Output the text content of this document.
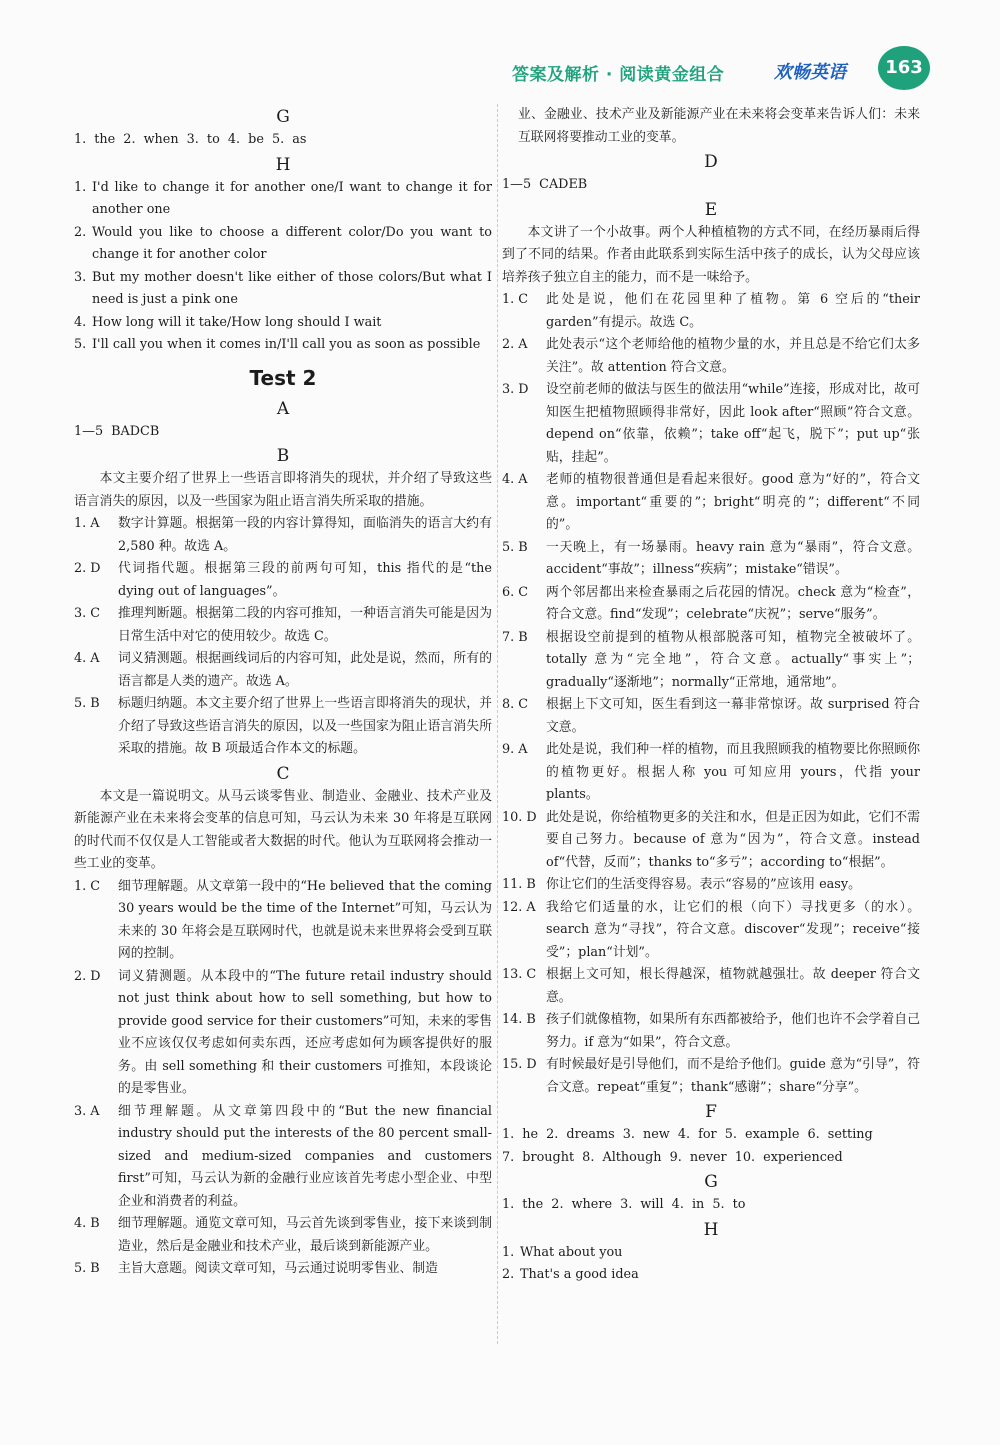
答案及解析 · 阅读黄金组合	欢畅英语	163
G
1. the 2. when 3. to 4. be 5. as
H
1. I'd like to change it for another one/I want to change it for another one
2. Would you like to choose a different color/Do you want to change it for another color
3. But my mother doesn't like either of those colors/But what I need is just a pink one
4. How long will it take/How long should I wait
5. I'll call you when it comes in/I'll call you as soon as possible
Test 2
A
1—5 BADCB
B
本文主要介绍了世界上一些语言即将消失的现状，并介绍了导致这些语言消失的原因，以及一些国家为阻止语言消失所采取的措施。
1. A	数字计算题。根据第一段的内容计算得知，面临消失的语言大约有 2,580 种。故选 A。
2. D	代词指代题。根据第三段的前两句可知，this 指代的是“the dying out of languages”。
3. C	推理判断题。根据第二段的内容可推知，一种语言消失可能是因为日常生活中对它的使用较少。故选 C。
4. A	词义猜测题。根据画线词后的内容可知，此处是说，然而，所有的语言都是人类的遗产。故选 A。
5. B	标题归纳题。本文主要介绍了世界上一些语言即将消失的现状，并介绍了导致这些语言消失的原因，以及一些国家为阻止语言消失所采取的措施。故 B 项最适合作本文的标题。
C
本文是一篇说明文。从马云谈零售业、制造业、金融业、技术产业及新能源产业在未来将会变革的信息可知，马云认为未来 30 年将是互联网的时代而不仅仅是人工智能或者大数据的时代。他认为互联网将会推动一些工业的变革。
1. C	细节理解题。从文章第一段中的“He believed that the coming 30 years would be the time of the Internet”可知，马云认为未来的 30 年将会是互联网时代，也就是说未来世界将会受到互联网的控制。
2. D	词义猜测题。从本段中的“The future retail industry should not just think about how to sell something, but how to provide good service for their customers”可知，未来的零售业不应该仅仅考虑如何卖东西，还应考虑如何为顾客提供好的服务。由 sell something 和 their customers 可推知，本段谈论的是零售业。
3. A	细节理解题。从文章第四段中的“But the new financial industry should put the interests of the 80 percent small-sized and medium-sized companies and customers first”可知，马云认为新的金融行业应该首先考虑小型企业、中型企业和消费者的利益。
4. B	细节理解题。通览文章可知，马云首先谈到零售业，接下来谈到制造业，然后是金融业和技术产业，最后谈到新能源产业。
5. B	主旨大意题。阅读文章可知，马云通过说明零售业、制造
业、金融业、技术产业及新能源产业在未来将会变革来告诉人们：未来互联网将要推动工业的变革。
D
1—5 CADEB
E
本文讲了一个小故事。两个人种植植物的方式不同，在经历暴雨后得到了不同的结果。作者由此联系到实际生活中孩子的成长，认为父母应该培养孩子独立自主的能力，而不是一味给予。
1. C	此处是说，他们在花园里种了植物。第 6 空后的“their garden”有提示。故选 C。
2. A	此处表示“这个老师给他的植物少量的水，并且总是不给它们太多关注”。故 attention 符合文意。
3. D	设空前老师的做法与医生的做法用“while”连接，形成对比，故可知医生把植物照顾得非常好，因此 look after“照顾”符合文意。depend on“依靠，依赖”；take off“起飞，脱下”；put up“张贴，挂起”。
4. A	老师的植物很普通但是看起来很好。good 意为“好的”，符合文意。important“重要的”；bright“明亮的”；different“不同的”。
5. B	一天晚上，有一场暴雨。heavy rain 意为“暴雨”，符合文意。accident“事故”；illness“疾病”；mistake“错误”。
6. C	两个邻居都出来检查暴雨之后花园的情况。check 意为“检查”，符合文意。find“发现”；celebrate“庆祝”；serve“服务”。
7. B	根据设空前提到的植物从根部脱落可知，植物完全被破坏了。totally 意为“完全地”，符合文意。actually“事实上”；gradually“逐渐地”；normally“正常地，通常地”。
8. C	根据上下文可知，医生看到这一幕非常惊讶。故 surprised 符合文意。
9. A	此处是说，我们种一样的植物，而且我照顾我的植物要比你照顾你的植物更好。根据人称 you 可知应用 yours，代指 your plants。
10. D 此处是说，你给植物更多的关注和水，但是正因为如此，它们不需要自己努力。because of 意为“因为”，符合文意。instead of“代替，反而”；thanks to“多亏”；according to“根据”。
11. B 你让它们的生活变得容易。表示“容易的”应该用 easy。
12. A 我给它们适量的水，让它们的根（向下）寻找更多（的水）。search 意为“寻找”，符合文意。discover“发现”；receive“接受”；plan“计划”。
13. C 根据上文可知，根长得越深，植物就越强壮。故 deeper 符合文意。
14. B 孩子们就像植物，如果所有东西都被给予，他们也许不会学着自己努力。if 意为“如果”，符合文意。
15. D 有时候最好是引导他们，而不是给予他们。guide 意为“引导”，符合文意。repeat“重复”；thank“感谢”；share“分享”。
F
1. he 2. dreams 3. new 4. for 5. example 6. setting
7. brought 8. Although 9. never 10. experienced
G
1. the 2. where 3. will 4. in 5. to
H
1. What about you
2. That's a good idea
